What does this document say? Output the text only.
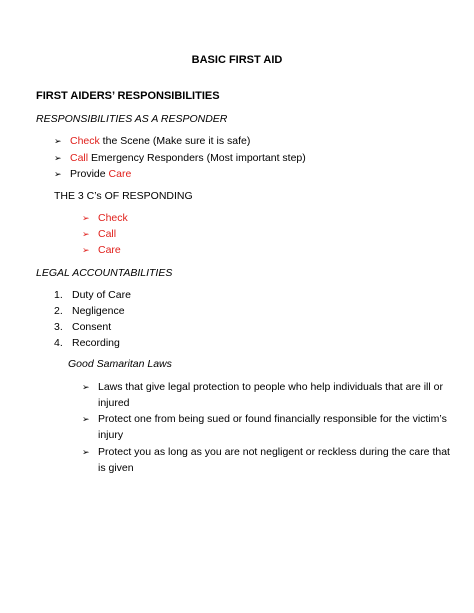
BASIC FIRST AID
FIRST AIDERS’ RESPONSIBILITIES
RESPONSIBILITIES AS A RESPONDER
➢ Check the Scene (Make sure it is safe)
➢ Call Emergency Responders (Most important step)
➢ Provide Care
THE 3 C’s OF RESPONDING
➢ Check
➢ Call
➢ Care
LEGAL ACCOUNTABILITIES
1. Duty of Care
2. Negligence
3. Consent
4. Recording
Good Samaritan Laws
➢ Laws that give legal protection to people who help individuals that are ill or
injured
➢ Protect one from being sued or found financially responsible for the victim’s
injury
➢ Protect you as long as you are not negligent or reckless during the care that
is given
